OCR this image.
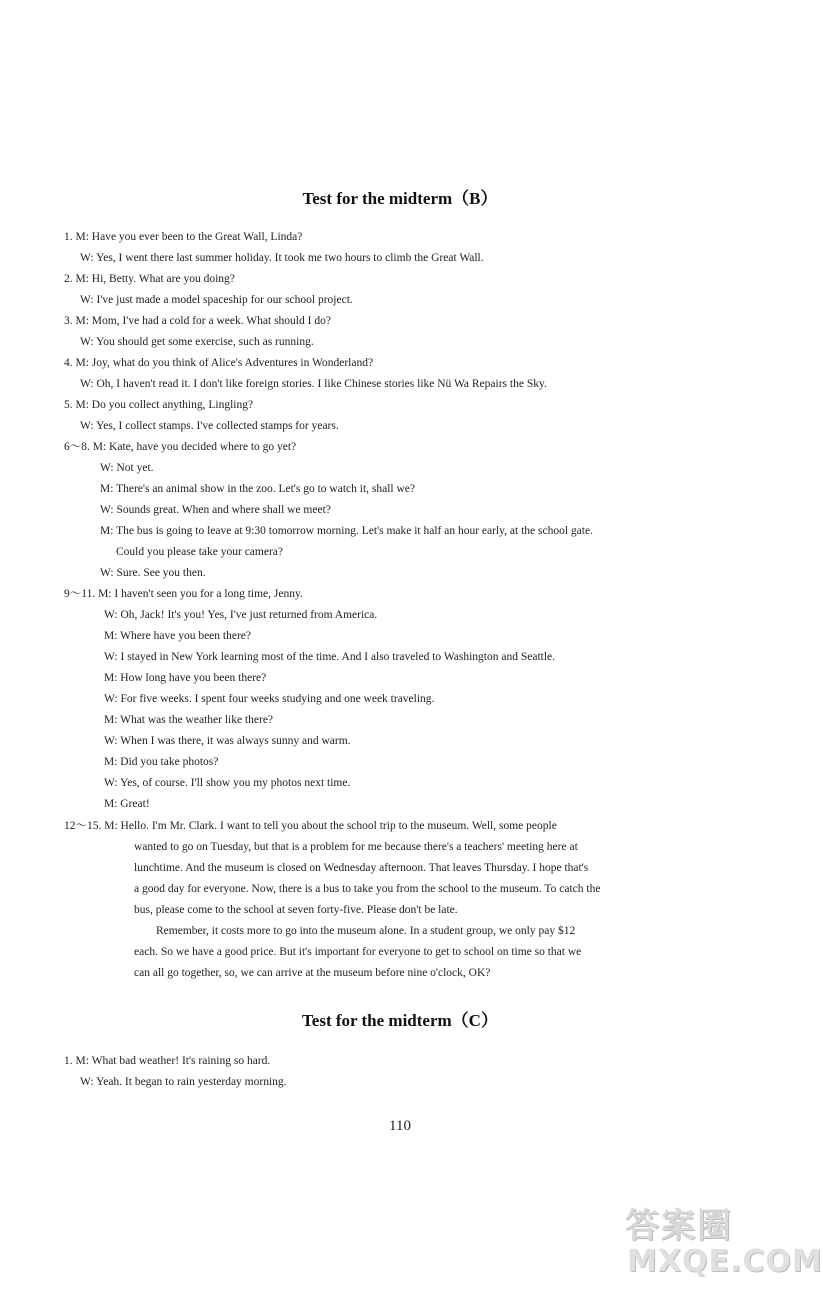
Test for the midterm（B）
1. M: Have you ever been to the Great Wall, Linda?
W: Yes, I went there last summer holiday. It took me two hours to climb the Great Wall.
2. M: Hi, Betty. What are you doing?
W: I've just made a model spaceship for our school project.
3. M: Mom, I've had a cold for a week. What should I do?
W: You should get some exercise, such as running.
4. M: Joy, what do you think of Alice's Adventures in Wonderland?
W: Oh, I haven't read it. I don't like foreign stories. I like Chinese stories like Nü Wa Repairs the Sky.
5. M: Do you collect anything, Lingling?
W: Yes, I collect stamps. I've collected stamps for years.
6～8. M: Kate, have you decided where to go yet?
W: Not yet.
M: There's an animal show in the zoo. Let's go to watch it, shall we?
W: Sounds great. When and where shall we meet?
M: The bus is going to leave at 9:30 tomorrow morning. Let's make it half an hour early, at the school gate.
Could you please take your camera?
W: Sure. See you then.
9～11. M: I haven't seen you for a long time, Jenny.
W: Oh, Jack! It's you! Yes, I've just returned from America.
M: Where have you been there?
W: I stayed in New York learning most of the time. And I also traveled to Washington and Seattle.
M: How long have you been there?
W: For five weeks. I spent four weeks studying and one week traveling.
M: What was the weather like there?
W: When I was there, it was always sunny and warm.
M: Did you take photos?
W: Yes, of course. I'll show you my photos next time.
M: Great!
12～15. M: Hello. I'm Mr. Clark. I want to tell you about the school trip to the museum. Well, some people
wanted to go on Tuesday, but that is a problem for me because there's a teachers' meeting here at
lunchtime. And the museum is closed on Wednesday afternoon. That leaves Thursday. I hope that's
a good day for everyone. Now, there is a bus to take you from the school to the museum. To catch the
bus, please come to the school at seven forty-five. Please don't be late.
Remember, it costs more to go into the museum alone. In a student group, we only pay $12
each. So we have a good price. But it's important for everyone to get to school on time so that we
can all go together, so, we can arrive at the museum before nine o'clock, OK?
Test for the midterm（C）
1. M: What bad weather! It's raining so hard.
W: Yeah. It began to rain yesterday morning.
110
答案圈
MXQE.COM
